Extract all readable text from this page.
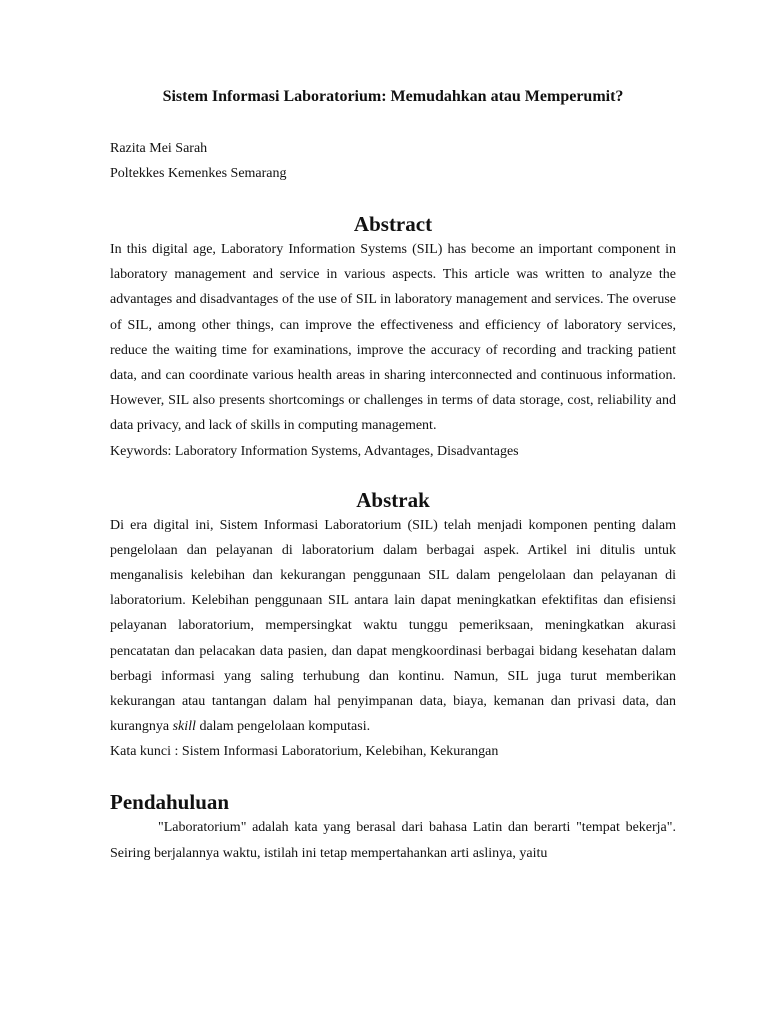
Sistem Informasi Laboratorium: Memudahkan atau Memperumit?

Razita Mei Sarah

Poltekkes Kemenkes Semarang

Abstract

In this digital age, Laboratory Information Systems (SIL) has become an important component in laboratory management and service in various aspects. This article was written to analyze the advantages and disadvantages of the use of SIL in laboratory management and services. The overuse of SIL, among other things, can improve the effectiveness and efficiency of laboratory services, reduce the waiting time for examinations, improve the accuracy of recording and tracking patient data, and can coordinate various health areas in sharing interconnected and continuous information. However, SIL also presents shortcomings or challenges in terms of data storage, cost, reliability and data privacy, and lack of skills in computing management.

Keywords: Laboratory Information Systems, Advantages, Disadvantages

Abstrak

Di era digital ini, Sistem Informasi Laboratorium (SIL) telah menjadi komponen penting dalam pengelolaan dan pelayanan di laboratorium dalam berbagai aspek. Artikel ini ditulis untuk menganalisis kelebihan dan kekurangan penggunaan SIL dalam pengelolaan dan pelayanan di laboratorium. Kelebihan penggunaan SIL antara lain dapat meningkatkan efektifitas dan efisiensi pelayanan laboratorium, mempersingkat waktu tunggu pemeriksaan, meningkatkan akurasi pencatatan dan pelacakan data pasien, dan dapat mengkoordinasi berbagai bidang kesehatan dalam berbagi informasi yang saling terhubung dan kontinu. Namun, SIL juga turut memberikan kekurangan atau tantangan dalam hal penyimpanan data, biaya, kemanan dan privasi data, dan kurangnya skill dalam pengelolaan komputasi.

Kata kunci : Sistem Informasi Laboratorium, Kelebihan, Kekurangan

Pendahuluan

"Laboratorium" adalah kata yang berasal dari bahasa Latin dan berarti "tempat bekerja". Seiring berjalannya waktu, istilah ini tetap mempertahankan arti aslinya, yaitu
